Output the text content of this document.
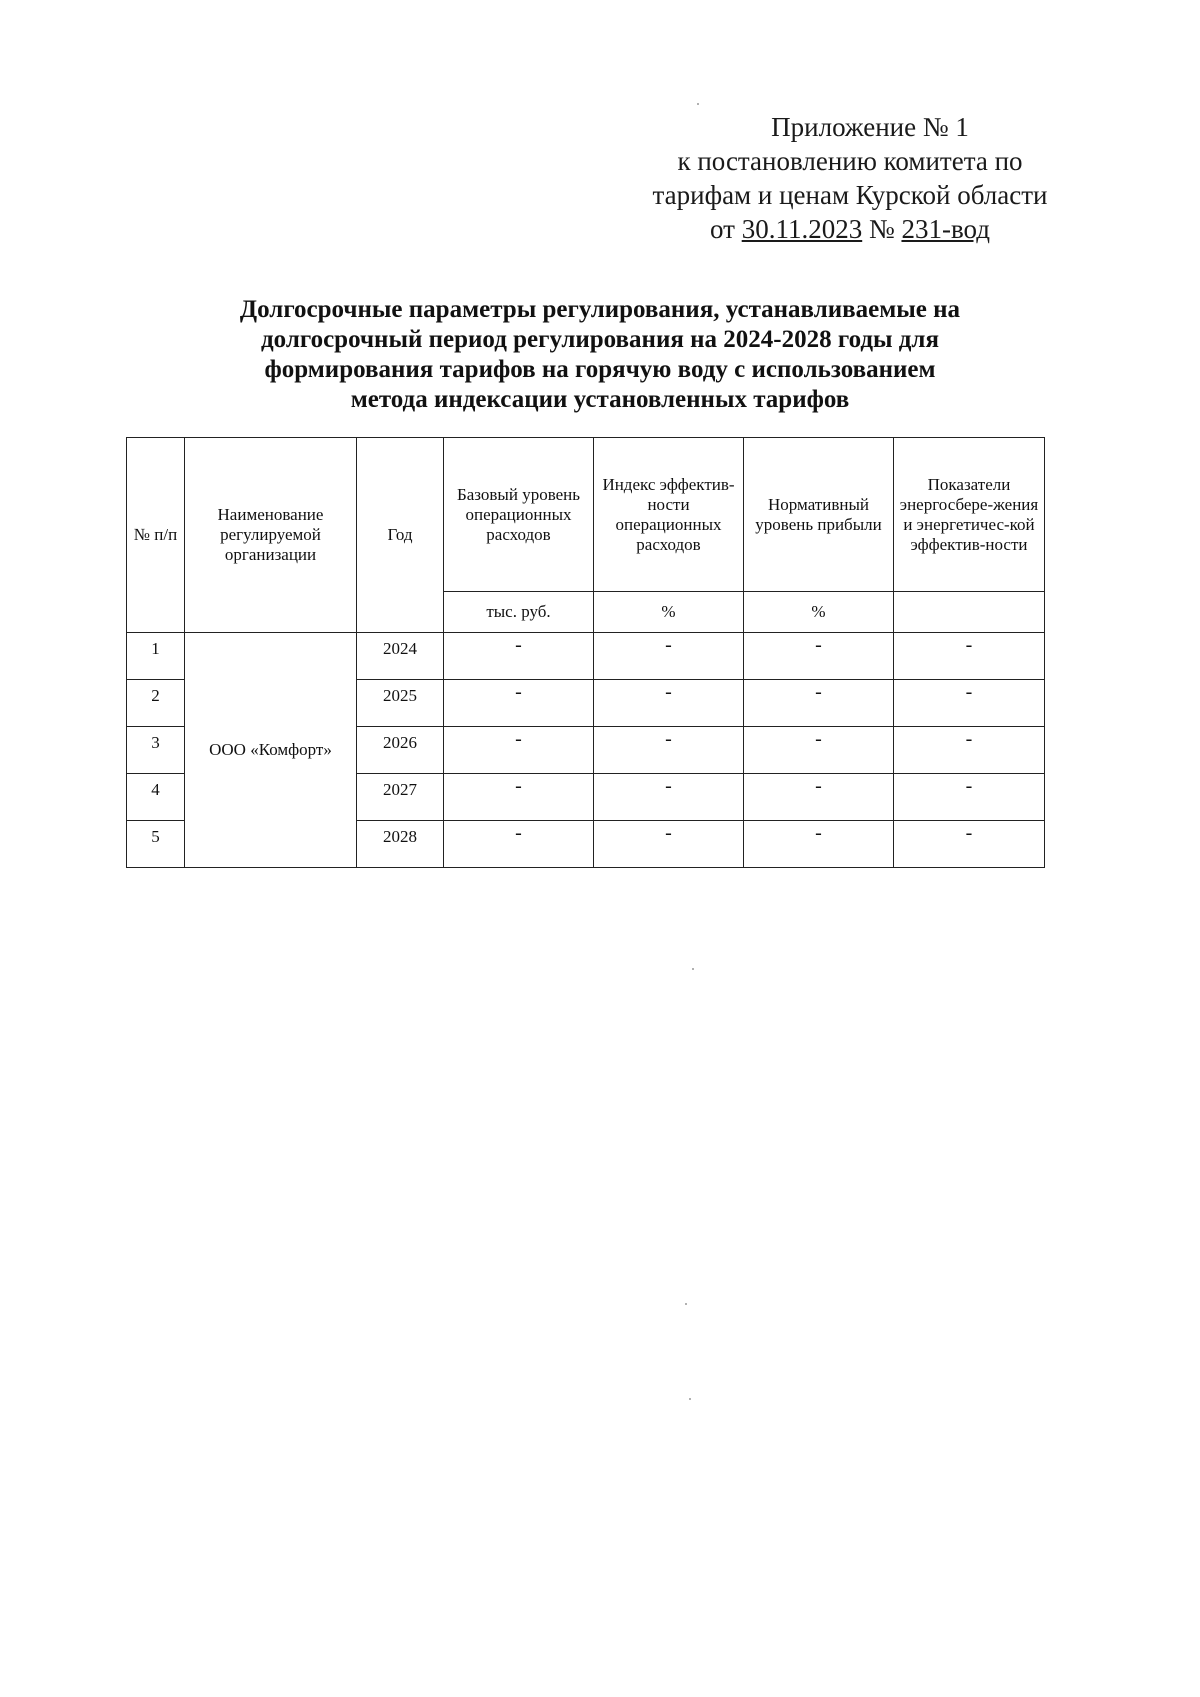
Приложение № 1
к постановлению комитета по
тарифам и ценам Курской области
от 30.11.2023 № 231-вод
Долгосрочные параметры регулирования, устанавливаемые на
долгосрочный период регулирования на 2024-2028 годы для
формирования тарифов на горячую воду с использованием
метода индексации установленных тарифов
№ п/п	Наименование регулируемой организации	Год	Базовый уровень операционных расходов	Индекс эффектив-ности операционных расходов	Нормативный уровень прибыли	Показатели энергосбере-жения и энергетичес-кой эффектив-ности
			тыс. руб.	%	%	
1	ООО «Комфорт»	2024	-	-	-	-
2		2025	-	-	-	-
3		2026	-	-	-	-
4		2027	-	-	-	-
5		2028	-	-	-	-
